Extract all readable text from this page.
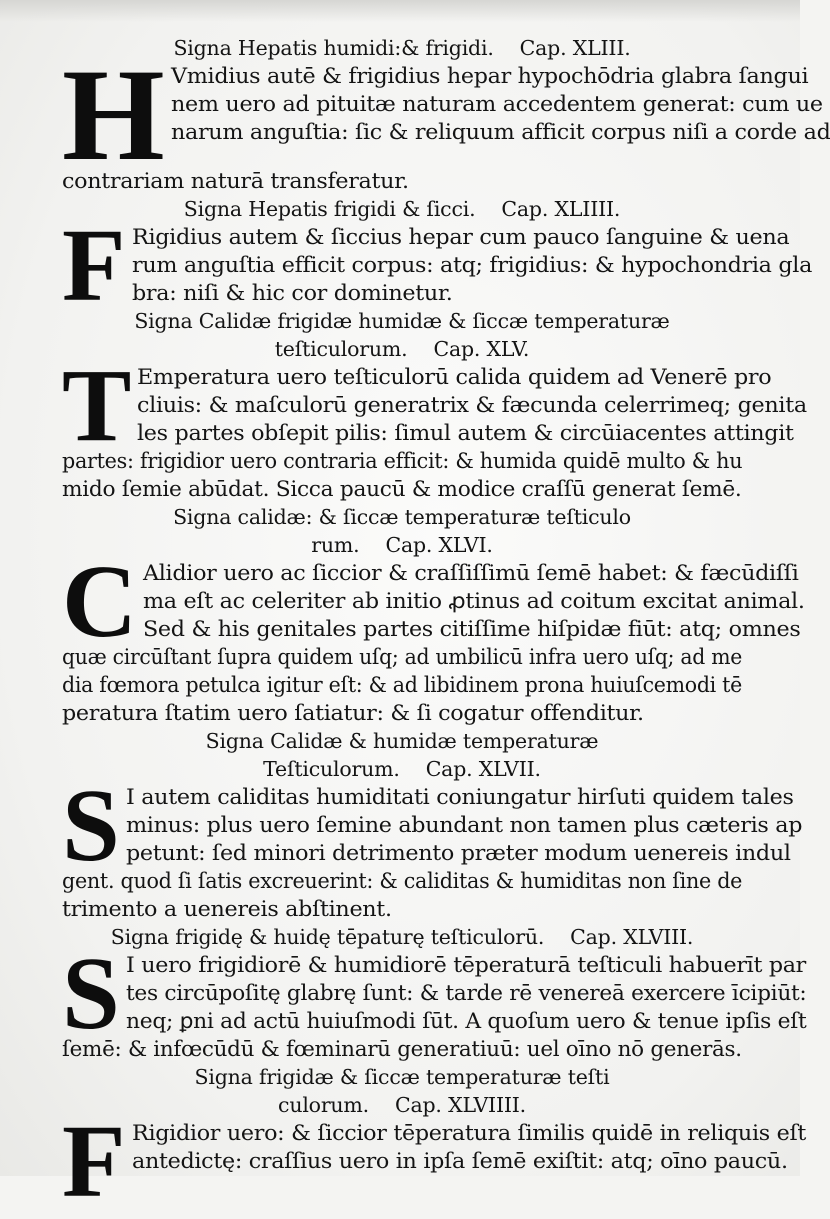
Signa Hepatis humidi:& frigidi. Cap. XLIII.
H Vmidius autē & frigidius hepar hypochōdria glabra ſangui
nem uero ad pituitæ naturam accedentem generat: cum ue
narum anguſtia: ſic & reliquum afficit corpus niſi a corde ad
contrariam naturā transferatur.
Signa Hepatis frigidi & ſicci. Cap. XLIIII.
F Rigidius autem & ſiccius hepar cum pauco ſanguine & uena
rum anguſtia efficit corpus: atq; frigidius: & hypochondria gla
bra: niſi & hic cor dominetur.
Signa Calidæ frigidæ humidæ & ſiccæ temperaturæ
teſticulorum. Cap. XLV.
T Emperatura uero teſticulorū calida quidem ad Venerē pro
cliuis: & maſculorū generatrix & fæcunda celerrimeq; genita
les partes obſepit pilis: ſimul autem & circūiacentes attingit
partes: frigidior uero contraria efficit: & humida quidē multo & hu
mido ſemie abūdat. Sicca paucū & modice craſſū generat ſemē.
Signa calidæ: & ſiccæ temperaturæ teſticulo
rum. Cap. XLVI.
C Alidior uero ac ſiccior & craſſiſſimū ſemē habet: & fæcūdiſſi
ma eſt ac celeriter ab initio ꝓtinus ad coitum excitat animal.
Sed & his genitales partes citiſſime hiſpidæ fiūt: atq; omnes
quæ circūſtant ſupra quidem uſq; ad umbilicū infra uero uſq; ad me
dia fœmora petulca igitur eſt: & ad libidinem prona huiuſcemodi tē
peratura ſtatim uero ſatiatur: & ſi cogatur offenditur.
Signa Calidæ & humidæ temperaturæ
Teſticulorum. Cap. XLVII.
S I autem caliditas humiditati coniungatur hirſuti quidem tales
minus: plus uero ſemine abundant non tamen plus cæteris ap
petunt: ſed minori detrimento præter modum uenereis indul
gent. quod ſi ſatis excreuerint: & caliditas & humiditas non ſine de
trimento a uenereis abſtinent.
Signa frigidę & huidę tēpaturę teſticulorū. Cap. XLVIII.
S I uero frigidiorē & humidiorē tēperaturā teſticuli habuerīt par
tes circūpoſitę glabrę ſunt: & tarde rē venereā exercere īcipiūt:
neq; ꝑni ad actū huiuſmodi ſūt. A quoſum uero & tenue ipſis eſt
ſemē: & infœcūdū & fœminarū generatiuū: uel oīno nō generās.
Signa frigidæ & ſiccæ temperaturæ teſti
culorum. Cap. XLVIIII.
F Rigidior uero: & ſiccior tēperatura ſimilis quidē in reliquis eſt
antedictę: craſſius uero in ipſa ſemē exiſtit: atq; oīno paucū.
